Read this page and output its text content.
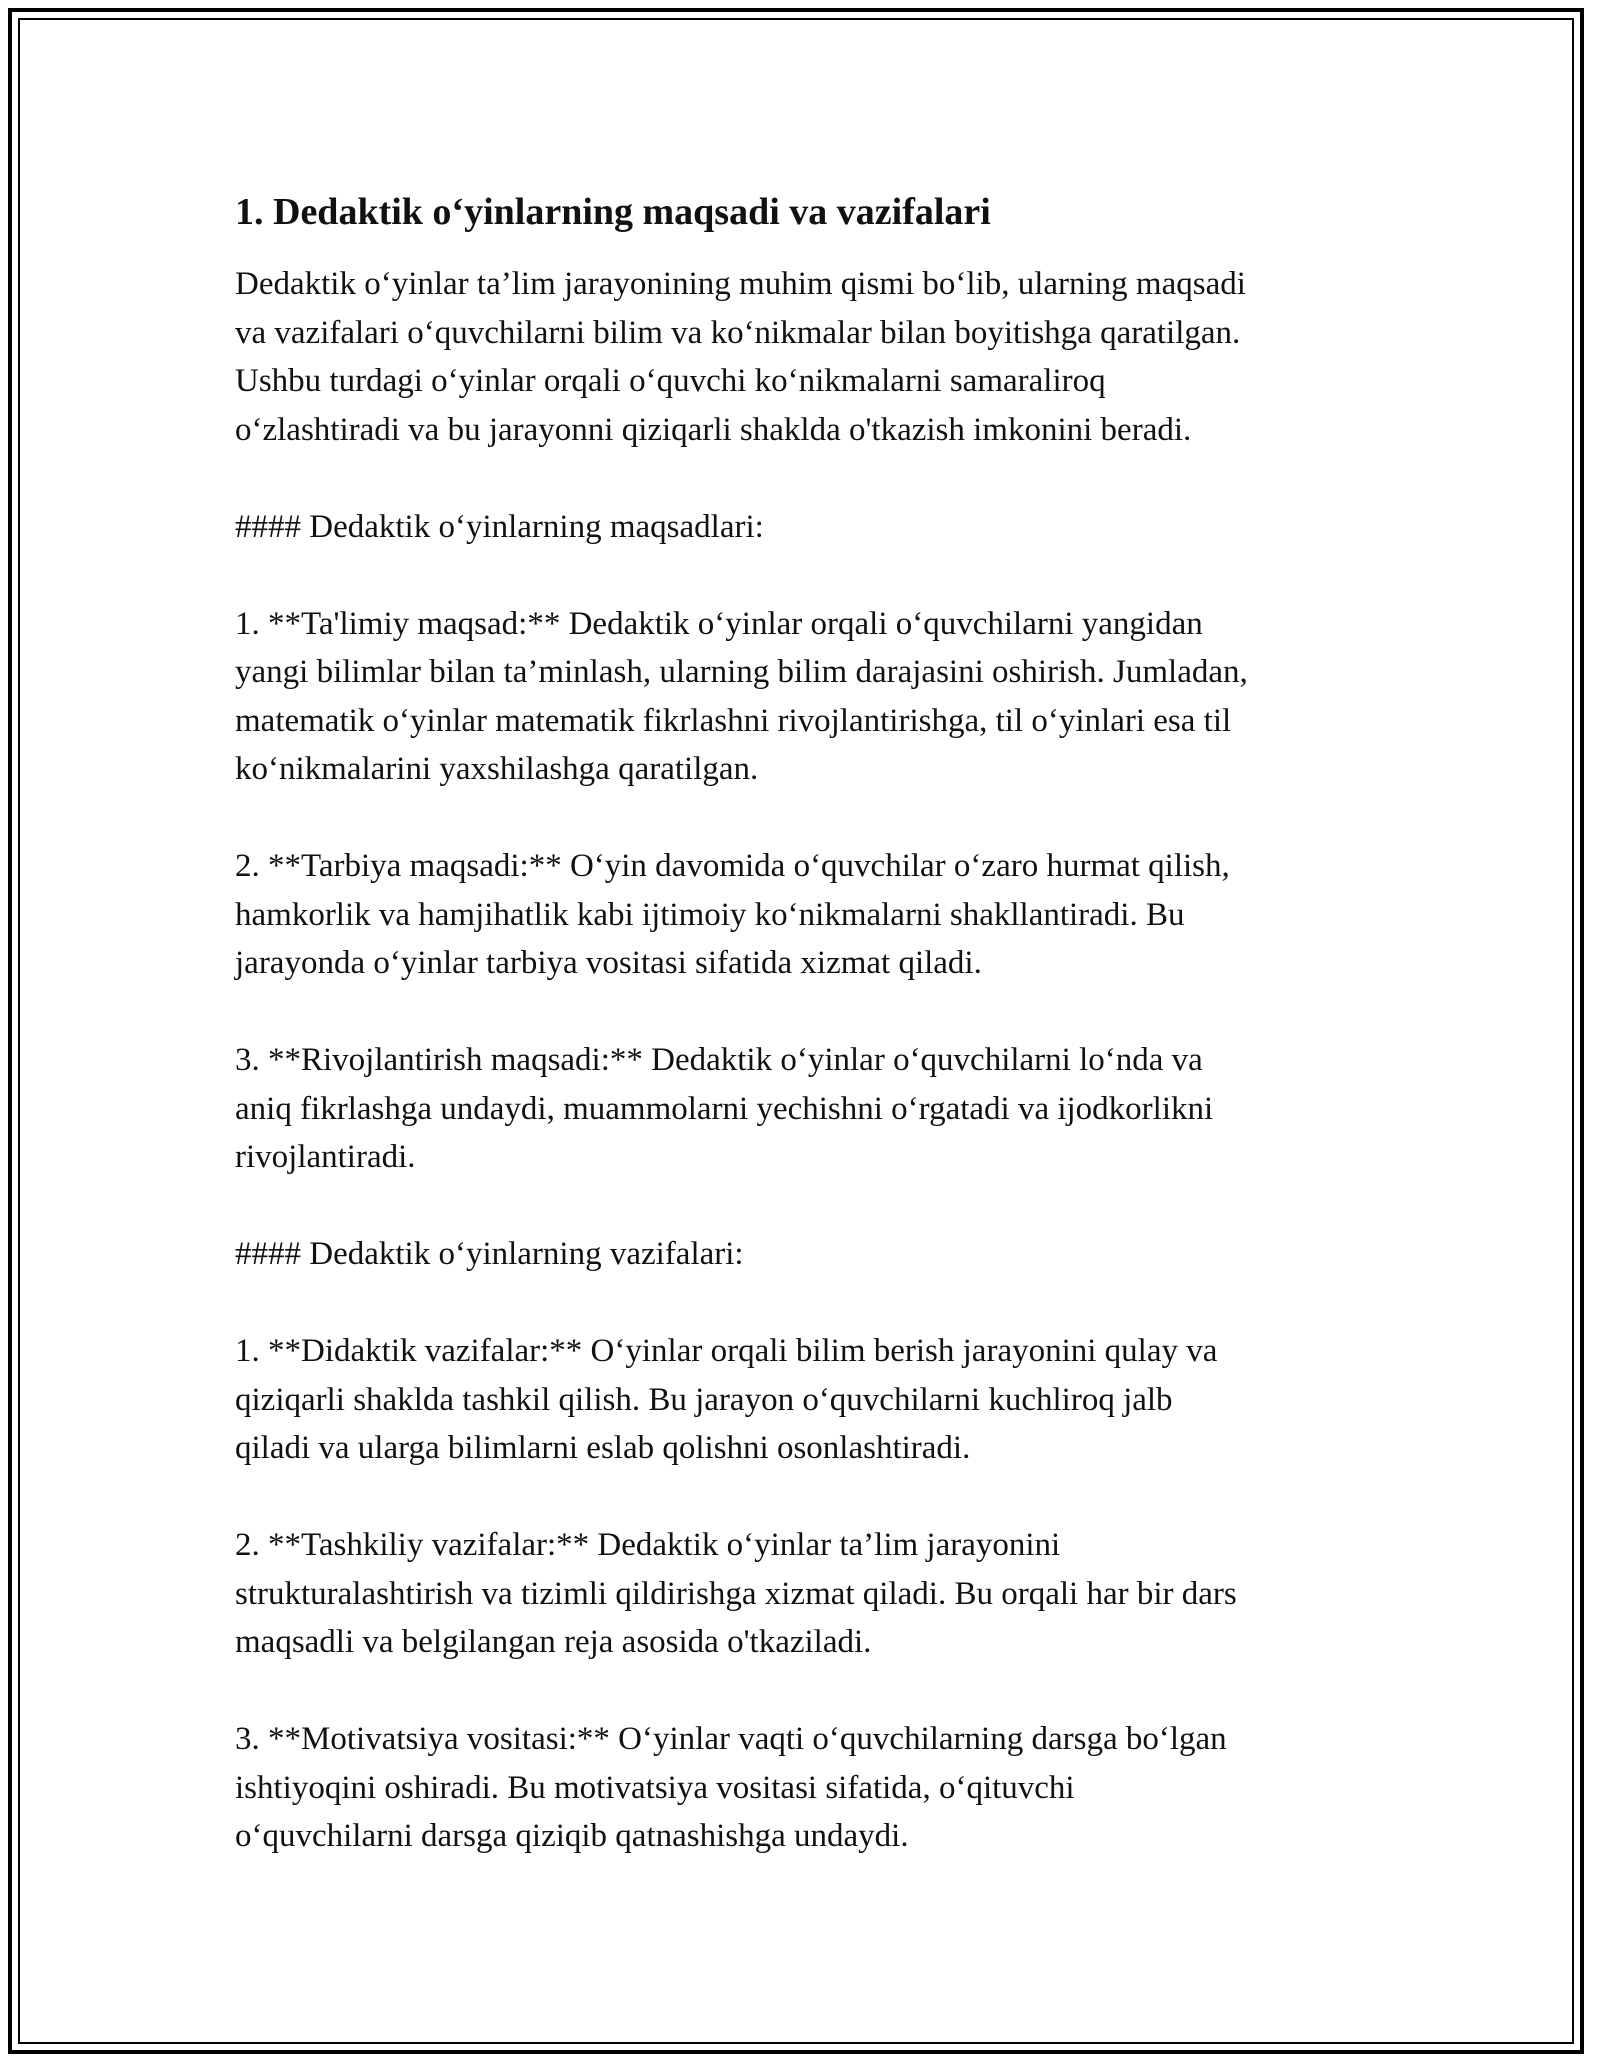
1. Dedaktik o‘yinlarning maqsadi va vazifalari

Dedaktik o‘yinlar ta’lim jarayonining muhim qismi bo‘lib, ularning maqsadi
va vazifalari o‘quvchilarni bilim va ko‘nikmalar bilan boyitishga qaratilgan.
Ushbu turdagi o‘yinlar orqali o‘quvchi ko‘nikmalarni samaraliroq
o‘zlashtiradi va bu jarayonni qiziqarli shaklda o'tkazish imkonini beradi.

#### Dedaktik o‘yinlarning maqsadlari:

1. **Ta'limiy maqsad:** Dedaktik o‘yinlar orqali o‘quvchilarni yangidan
yangi bilimlar bilan ta’minlash, ularning bilim darajasini oshirish. Jumladan,
matematik o‘yinlar matematik fikrlashni rivojlantirishga, til o‘yinlari esa til
ko‘nikmalarini yaxshilashga qaratilgan.

2. **Tarbiya maqsadi:** O‘yin davomida o‘quvchilar o‘zaro hurmat qilish,
hamkorlik va hamjihatlik kabi ijtimoiy ko‘nikmalarni shakllantiradi. Bu
jarayonda o‘yinlar tarbiya vositasi sifatida xizmat qiladi.

3. **Rivojlantirish maqsadi:** Dedaktik o‘yinlar o‘quvchilarni lo‘nda va
aniq fikrlashga undaydi, muammolarni yechishni o‘rgatadi va ijodkorlikni
rivojlantiradi.

#### Dedaktik o‘yinlarning vazifalari:

1. **Didaktik vazifalar:** O‘yinlar orqali bilim berish jarayonini qulay va
qiziqarli shaklda tashkil qilish. Bu jarayon o‘quvchilarni kuchliroq jalb
qiladi va ularga bilimlarni eslab qolishni osonlashtiradi.

2. **Tashkiliy vazifalar:** Dedaktik o‘yinlar ta’lim jarayonini
strukturalashtirish va tizimli qildirishga xizmat qiladi. Bu orqali har bir dars
maqsadli va belgilangan reja asosida o'tkaziladi.

3. **Motivatsiya vositasi:** O‘yinlar vaqti o‘quvchilarning darsga bo‘lgan
ishtiyoqini oshiradi. Bu motivatsiya vositasi sifatida, o‘qituvchi
o‘quvchilarni darsga qiziqib qatnashishga undaydi.
